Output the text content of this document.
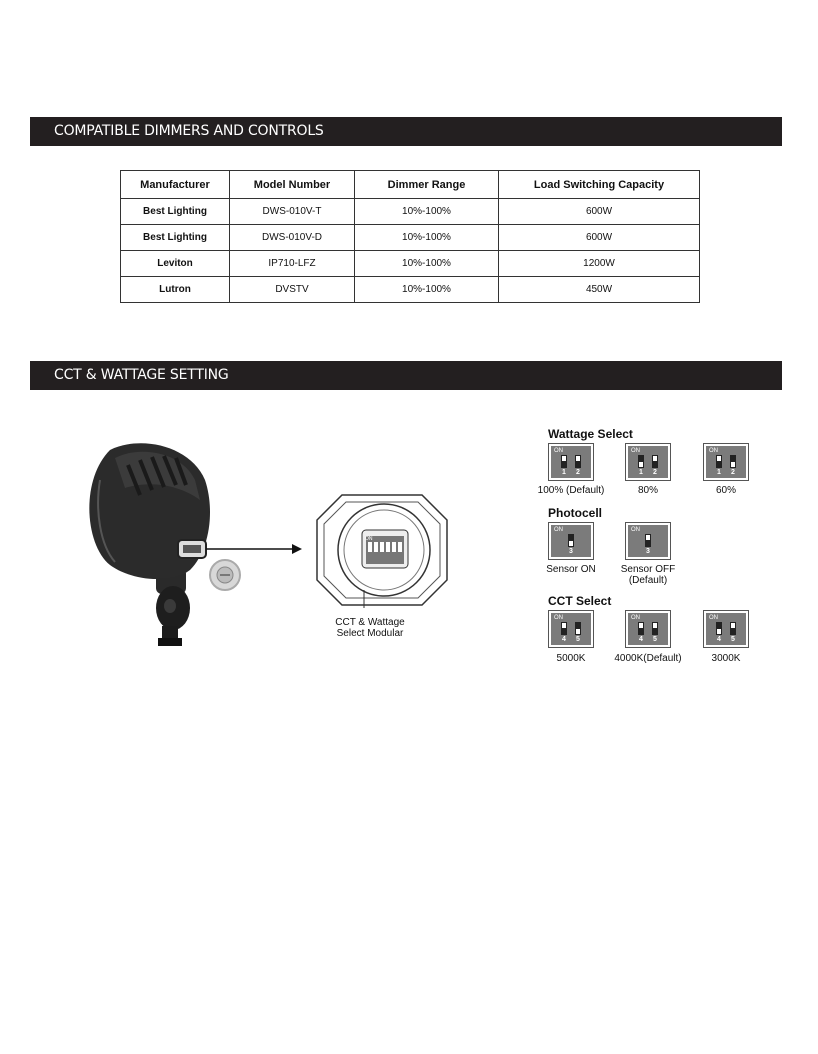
COMPATIBLE DIMMERS AND CONTROLS
Manufacturer	Model Number	Dimmer Range	Load Switching Capacity
Best Lighting	DWS-010V-T	10%-100%	600W
Best Lighting	DWS-010V-D	10%-100%	600W
Leviton	IP710-LFZ	10%-100%	1200W
Lutron	DVSTV	10%-100%	450W
CCT & WATTAGE SETTING
ON
CCT & Wattage
Select Modular
Wattage Select
Photocell
CCT Select
ON
1	2
100% (Default)
ON
1	2
80%
ON
1	2
60%
ON
3
Sensor ON
ON
3
Sensor OFF
(Default)
ON
4	5
5000K
ON
4	5
4000K(Default)
ON
4	5
3000K
